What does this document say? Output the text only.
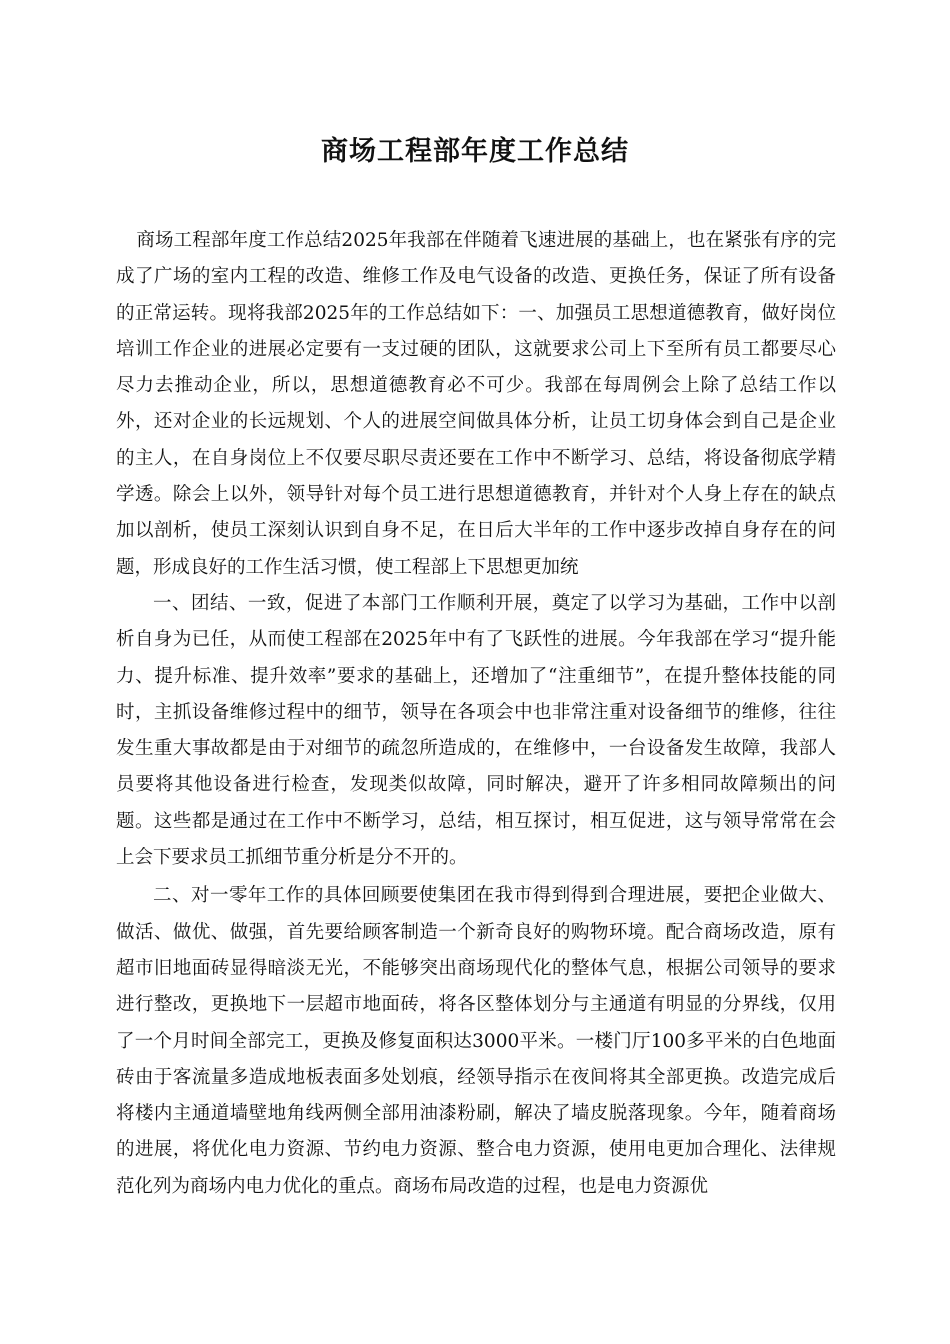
商场工程部年度工作总结

商场工程部年度工作总结2025年我部在伴随着飞速进展的基础上，也在紧张有序的完成了广场的室内工程的改造、维修工作及电气设备的改造、更换任务，保证了所有设备的正常运转。现将我部2025年的工作总结如下：一、加强员工思想道德教育，做好岗位培训工作企业的进展必定要有一支过硬的团队，这就要求公司上下至所有员工都要尽心尽力去推动企业，所以，思想道德教育必不可少。我部在每周例会上除了总结工作以外，还对企业的长远规划、个人的进展空间做具体分析，让员工切身体会到自己是企业的主人，在自身岗位上不仅要尽职尽责还要在工作中不断学习、总结，将设备彻底学精学透。除会上以外，领导针对每个员工进行思想道德教育，并针对个人身上存在的缺点加以剖析，使员工深刻认识到自身不足，在日后大半年的工作中逐步改掉自身存在的问题，形成良好的工作生活习惯，使工程部上下思想更加统

一、团结、一致，促进了本部门工作顺利开展，奠定了以学习为基础，工作中以剖析自身为已任，从而使工程部在2025年中有了飞跃性的进展。今年我部在学习“提升能力、提升标准、提升效率”要求的基础上，还增加了“注重细节”，在提升整体技能的同时，主抓设备维修过程中的细节，领导在各项会中也非常注重对设备细节的维修，往往发生重大事故都是由于对细节的疏忽所造成的，在维修中，一台设备发生故障，我部人员要将其他设备进行检查，发现类似故障，同时解决，避开了许多相同故障频出的问题。这些都是通过在工作中不断学习，总结，相互探讨，相互促进，这与领导常常在会上会下要求员工抓细节重分析是分不开的。

二、对一零年工作的具体回顾要使集团在我市得到得到合理进展，要把企业做大、做活、做优、做强，首先要给顾客制造一个新奇良好的购物环境。配合商场改造，原有超市旧地面砖显得暗淡无光，不能够突出商场现代化的整体气息，根据公司领导的要求进行整改，更换地下一层超市地面砖，将各区整体划分与主通道有明显的分界线，仅用了一个月时间全部完工，更换及修复面积达3000平米。一楼门厅100多平米的白色地面砖由于客流量多造成地板表面多处划痕，经领导指示在夜间将其全部更换。改造完成后将楼内主通道墙壁地角线两侧全部用油漆粉刷，解决了墙皮脱落现象。今年，随着商场的进展，将优化电力资源、节约电力资源、整合电力资源，使用电更加合理化、法律规范化列为商场内电力优化的重点。商场布局改造的过程，也是电力资源优
